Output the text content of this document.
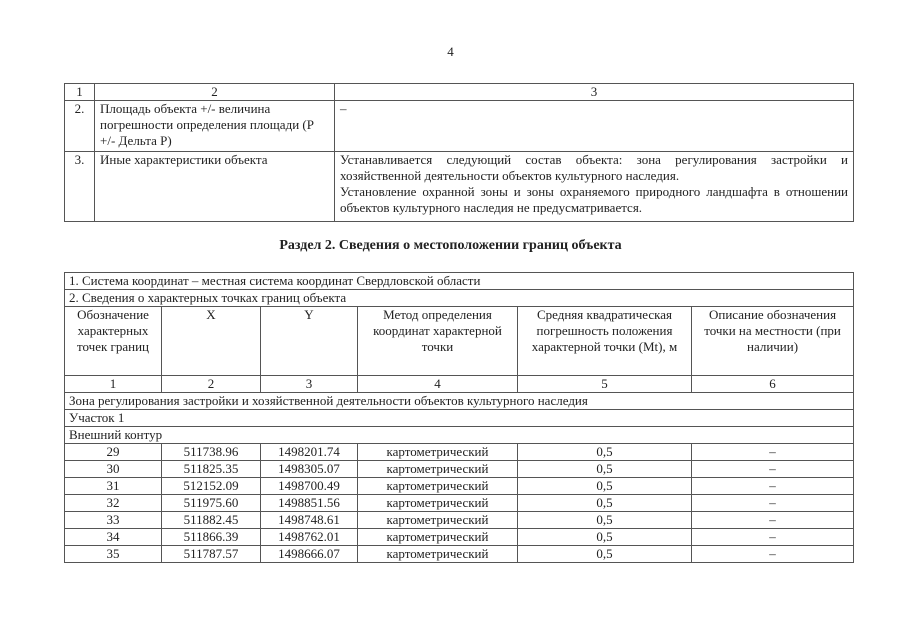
4
1	2	3
2.	Площадь объекта +/- величина погрешности определения площади (Р +/- Дельта Р)	–
3.	Иные характеристики объекта	Устанавливается следующий состав объекта: зона регулирования застройки и хозяйственной деятельности объектов культурного наследия.
Установление охранной зоны и зоны охраняемого природного ландшафта в отношении объектов культурного наследия не предусматривается.
Раздел 2. Сведения о местоположении границ объекта
1. Система координат – местная система координат Свердловской области					
2. Сведения о характерных точках границ объекта					
Обозначение характерных точек границ	X	Y	Метод определения координат характерной точки	Средняя квадратическая погрешность положения характерной точки (Mt), м	Описание обозначения точки на местности (при наличии)
1	2	3	4	5	6
Зона регулирования застройки и хозяйственной деятельности объектов культурного наследия					
Участок 1					
Внешний контур					
29	511738.96	1498201.74	картометрический	0,5	–
30	511825.35	1498305.07	картометрический	0,5	–
31	512152.09	1498700.49	картометрический	0,5	–
32	511975.60	1498851.56	картометрический	0,5	–
33	511882.45	1498748.61	картометрический	0,5	–
34	511866.39	1498762.01	картометрический	0,5	–
35	511787.57	1498666.07	картометрический	0,5	–
